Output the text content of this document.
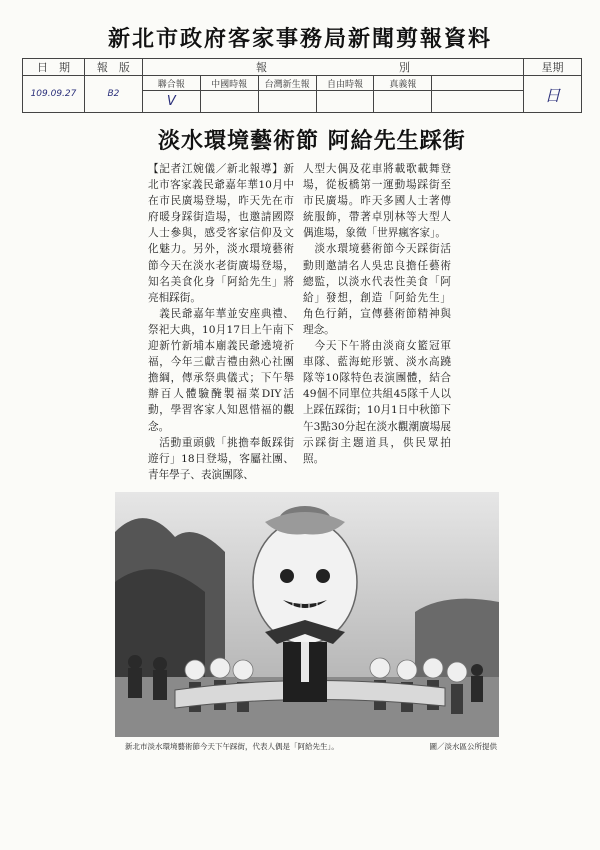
新北市政府客家事務局新聞剪報資料
日　期	報　版	報　　　　　　　　　　　　別						星期
109.09.27	B2	聯合報	中國時報	台灣新生報	自由時報	真義報		日
		V						
淡水環境藝術節 阿給先生踩街
【記者江婉儀／新北報導】新北市客家義民爺嘉年華10月中在市民廣場登場，昨天先在市府暖身踩街造場，也邀請國際人士參與，感受客家信仰及文化魅力。另外，淡水環境藝術節今天在淡水老街廣場登場，知名美食化身「阿給先生」將亮相踩街。
　義民爺嘉年華並安座典禮、祭祀大典，10月17日上午南下迎新竹新埔本廟義民爺遶境祈福，今年三獻吉禮由熱心社團擔綱，傳承祭典儀式；下午舉辦百人體驗醃製福菜DIY活動，學習客家人知恩惜福的觀念。
　活動重頭戲「挑擔奉飯踩街遊行」18日登場，客屬社團、青年學子、表演團隊、
人型大偶及花車將載歌載舞登場，從板橋第一運動場踩街至市民廣場。昨天多國人士著傳統服飾，帶著卓別林等大型人偶進場，象徵「世界瘋客家」。
　淡水環境藝術節今天踩街活動則邀請名人吳忠良擔任藝術總監，以淡水代表性美食「阿給」發想，創造「阿給先生」角色行銷，宣傳藝術節精神與理念。
　今天下午將由淡商女籃冠軍車隊、藍海蛇形號、淡水高蹺隊等10隊特色表演團體，結合49個不同單位共組45隊千人以上踩伍踩街；10月1日中秋節下午3點30分起在淡水觀潮廣場展示踩街主題道具，供民眾拍照。
新北市淡水環境藝術節今天下午踩街，代表人偶是「阿給先生」。	圖／淡水區公所提供
